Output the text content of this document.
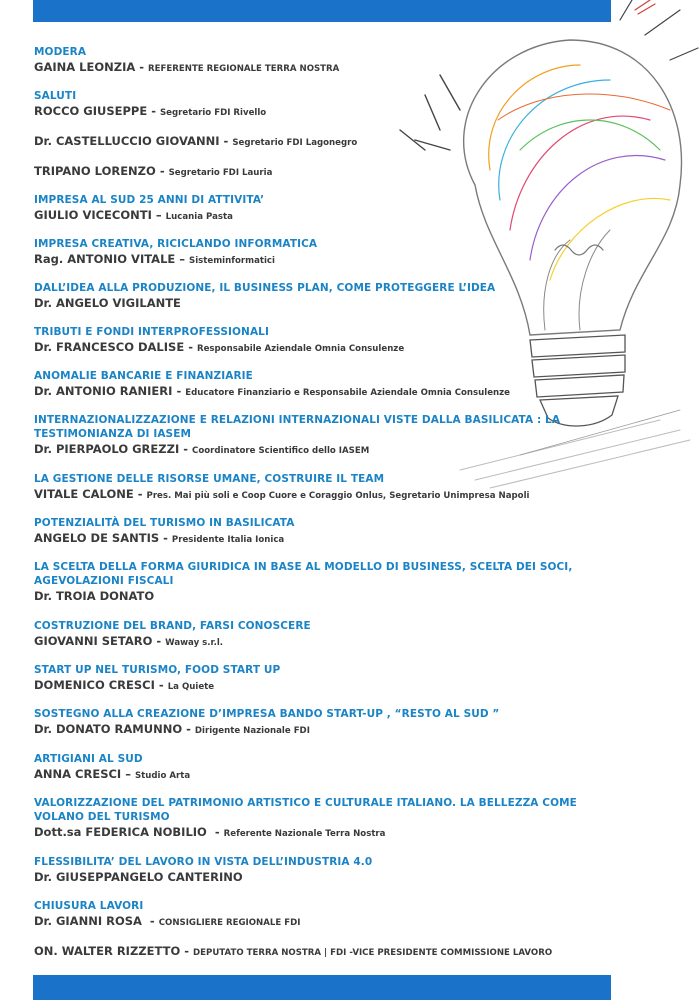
MODERA
GAINA LEONZIA - REFERENTE REGIONALE TERRA NOSTRA
SALUTI
ROCCO GIUSEPPE - Segretario FDI Rivello
Dr. CASTELLUCCIO GIOVANNI - Segretario FDI Lagonegro
TRIPANO LORENZO - Segretario FDI Lauria
IMPRESA AL SUD 25 ANNI DI ATTIVITA’
GIULIO VICECONTI – Lucania Pasta
IMPRESA CREATIVA, RICICLANDO INFORMATICA
Rag. ANTONIO VITALE – Sisteminformatici
DALL’IDEA ALLA PRODUZIONE, IL BUSINESS PLAN, COME PROTEGGERE L’IDEA
Dr. ANGELO VIGILANTE
TRIBUTI E FONDI INTERPROFESSIONALI
Dr. FRANCESCO DALISE - Responsabile Aziendale Omnia Consulenze
ANOMALIE BANCARIE E FINANZIARIE
Dr. ANTONIO RANIERI - Educatore Finanziario e Responsabile Aziendale Omnia Consulenze
INTERNAZIONALIZZAZIONE E RELAZIONI INTERNAZIONALI VISTE DALLA BASILICATA : LA TESTIMONIANZA DI IASEM
Dr. PIERPAOLO GREZZI - Coordinatore Scientifico dello IASEM
LA GESTIONE DELLE RISORSE UMANE, COSTRUIRE IL TEAM
VITALE CALONE - Pres. Mai più soli e Coop Cuore e Coraggio Onlus, Segretario Unimpresa Napoli
POTENZIALITÀ DEL TURISMO IN BASILICATA
ANGELO DE SANTIS - Presidente Italia Ionica
LA SCELTA DELLA FORMA GIURIDICA IN BASE AL MODELLO DI BUSINESS, SCELTA DEI SOCI, AGEVOLAZIONI FISCALI
Dr. TROIA DONATO
COSTRUZIONE DEL BRAND, FARSI CONOSCERE
GIOVANNI SETARO - Waway s.r.l.
START UP NEL TURISMO, FOOD START UP
DOMENICO CRESCI - La Quiete
SOSTEGNO ALLA CREAZIONE D’IMPRESA BANDO START-UP , “RESTO AL SUD ”
Dr. DONATO RAMUNNO - Dirigente Nazionale FDI
ARTIGIANI AL SUD
ANNA CRESCI – Studio Arta
VALORIZZAZIONE DEL PATRIMONIO ARTISTICO E CULTURALE ITALIANO. LA BELLEZZA COME VOLANO DEL TURISMO
Dott.sa FEDERICA NOBILIO  - Referente Nazionale Terra Nostra
FLESSIBILITA’ DEL LAVORO IN VISTA DELL’INDUSTRIA 4.0
Dr. GIUSEPPANGELO CANTERINO
CHIUSURA LAVORI
Dr. GIANNI ROSA  - CONSIGLIERE REGIONALE FDI
ON. WALTER RIZZETTO - DEPUTATO TERRA NOSTRA | FDI -VICE PRESIDENTE COMMISSIONE LAVORO
